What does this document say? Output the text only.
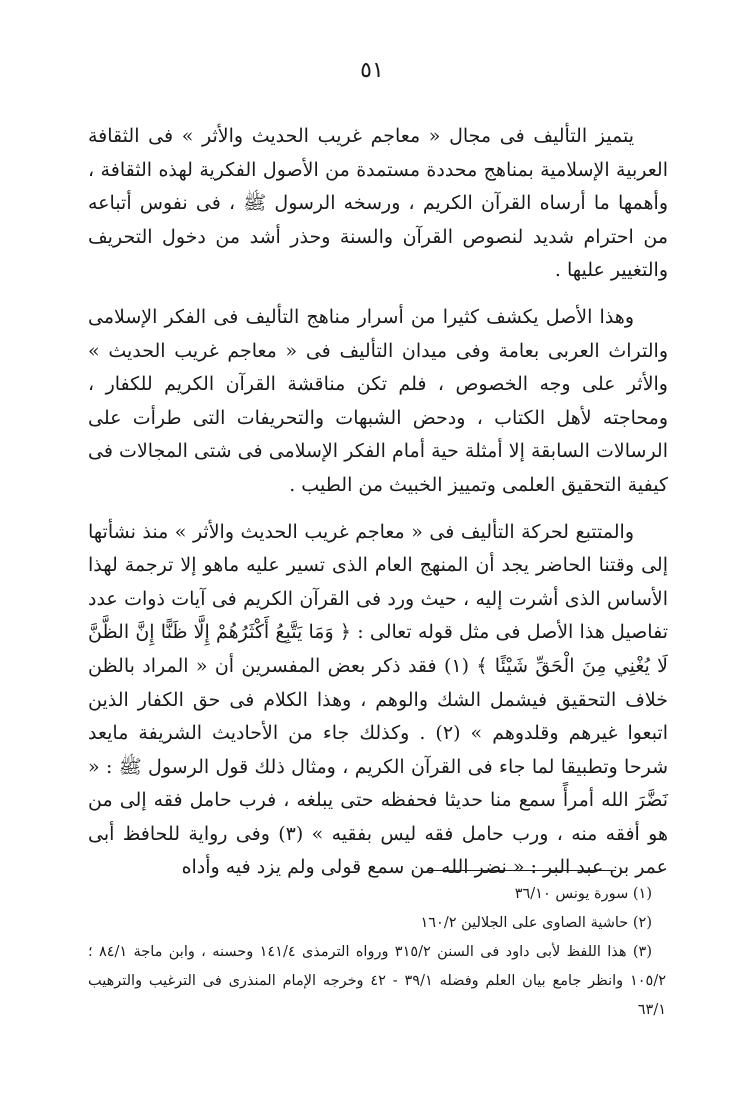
٥١

يتميز التأليف فى مجال « معاجم غريب الحديث والأثر » فى الثقافة العربية الإسلامية بمناهج محددة مستمدة من الأصول الفكرية لهذه الثقافة ، وأهمها ما أرساه القرآن الكريم ، ورسخه الرسول ﷺ ، فى نفوس أتباعه من احترام شديد لنصوص القرآن والسنة وحذر أشد من دخول التحريف والتغيير عليها .

وهذا الأصل يكشف كثيرا من أسرار مناهج التأليف فى الفكر الإسلامى والتراث العربى بعامة وفى ميدان التأليف فى « معاجم غريب الحديث » والأثر على وجه الخصوص ، فلم تكن مناقشة القرآن الكريم للكفار ، ومحاجته لأهل الكتاب ، ودحض الشبهات والتحريفات التى طرأت على الرسالات السابقة إلا أمثلة حية أمام الفكر الإسلامى فى شتى المجالات فى كيفية التحقيق العلمى وتمييز الخبيث من الطيب .

والمتتبع لحركة التأليف فى « معاجم غريب الحديث والأثر » منذ نشأتها إلى وقتنا الحاضر يجد أن المنهج العام الذى تسير عليه ماهو إلا ترجمة لهذا الأساس الذى أشرت إليه ، حيث ورد فى القرآن الكريم فى آيات ذوات عدد تفاصيل هذا الأصل فى مثل قوله تعالى : ﴿ وَمَا يَتَّبِعُ أَكْثَرُهُمْ إِلَّا ظَنًّا إِنَّ الظَّنَّ لَا يُغْنِي مِنَ الْحَقِّ شَيْئًا ﴾ (١) فقد ذكر بعض المفسرين أن « المراد بالظن خلاف التحقيق فيشمل الشك والوهم ، وهذا الكلام فى حق الكفار الذين اتبعوا غيرهم وقلدوهم » (٢) . وكذلك جاء من الأحاديث الشريفة مايعد شرحا وتطبيقا لما جاء فى القرآن الكريم ، ومثال ذلك قول الرسول ﷺ : « نَضَّرَ الله أمرأً سمع منا حديثا فحفظه حتى يبلغه ، فرب حامل فقه إلى من هو أفقه منه ، ورب حامل فقه ليس بفقيه » (٣) وفى رواية للحافظ أبى عمر بن عبد البر : « نضر الله من سمع قولى ولم يزد فيه وأداه

(١) سورة يونس ٣٦/١٠

(٢) حاشية الصاوى على الجلالين ١٦٠/٢

(٣) هذا اللفظ لأبى داود فى السنن ٣١٥/٢ ورواه الترمذى ١٤١/٤ وحسنه ، وابن ماجة ٨٤/١ ؛ ١٠٥/٢ وانظر جامع بيان العلم وفضله ٣٩/١ - ٤٢ وخرجه الإمام المنذرى فى الترغيب والترهيب ٦٣/١
